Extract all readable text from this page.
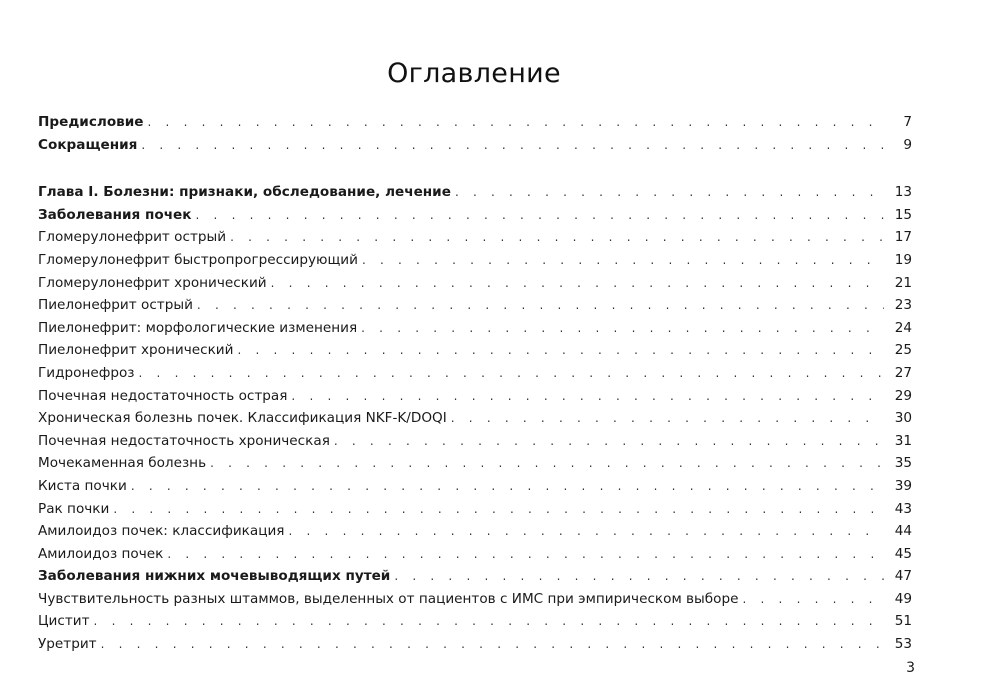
Оглавление
Предисловие . . .	7
Сокращения . . .	9
Глава I. Болезни: признаки, обследование, лечение . . .	13
Заболевания почек . . .	15
Гломерулонефрит острый . . .	17
Гломерулонефрит быстропрогрессирующий . . .	19
Гломерулонефрит хронический . . .	21
Пиелонефрит острый . . .	23
Пиелонефрит: морфологические изменения . . .	24
Пиелонефрит хронический . . .	25
Гидронефроз . . .	27
Почечная недостаточность острая . . .	29
Хроническая болезнь почек. Классификация NKF-K/DOQI . . .	30
Почечная недостаточность хроническая . . .	31
Мочекаменная болезнь . . .	35
Киста почки . . .	39
Рак почки . . .	43
Амилоидоз почек: классификация . . .	44
Амилоидоз почек . . .	45
Заболевания нижних мочевыводящих путей . . .	47
Чувствительность разных штаммов, выделенных от пациентов с ИМС при эмпирическом выборе . . .	49
Цистит . . .	51
Уретрит . . .	53
3
